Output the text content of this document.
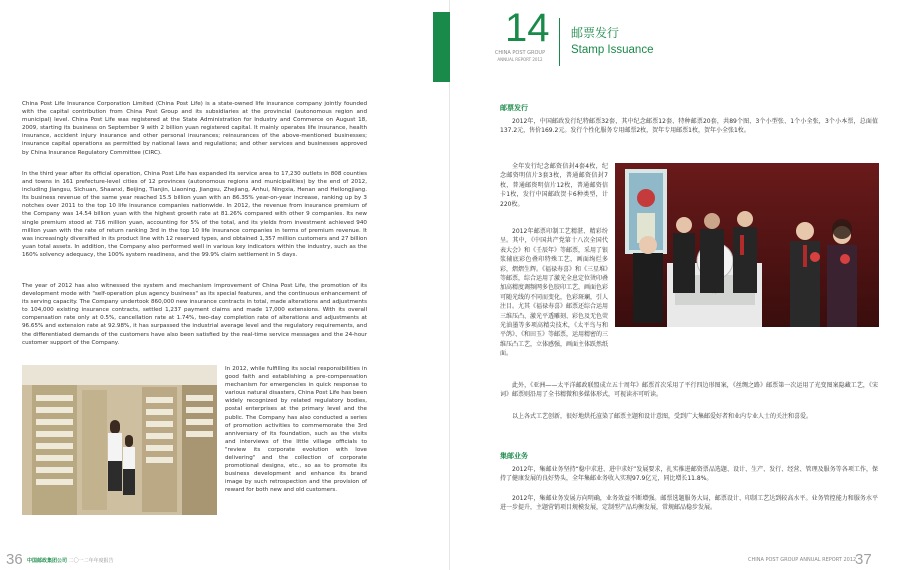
China Post Life Insurance Corporation Limited (China Post Life) is a state-owned life insurance company jointly founded with the capital contribution from China Post Group and its subsidiaries at the provincial (autonomous region and municipal) level. China Post Life was registered at the State Administration for Industry and Commerce on August 18, 2009, starting its business on September 9 with 2 billion yuan registered capital. It mainly operates life insurance, health insurance, accident injury insurance and other personal insurances; reinsurances of the above-mentioned businesses; insurance capital operations as permitted by national laws and regulations; and other services and businesses approved by China Insurance Regulatory Committee (CIRC).

In the third year after its official operation, China Post Life has expanded its service area to 17,230 outlets in 808 counties and towns in 161 prefecture-level cities of 12 provinces (autonomous regions and municipalities) by the end of 2012, including Jiangsu, Sichuan, Shaanxi, Beijing, Tianjin, Liaoning, Jiangsu, Zhejiang, Anhui, Ningxia, Henan and Heilongjiang. Its business revenue of the same year reached 15.5 billion yuan with an 86.35% year-on-year increase, ranking up by 3 notches over 2011 to the top 10 life insurance companies nationwide. In 2012, the revenue from insurance premium of the Company was 14.54 billion yuan with the highest growth rate at 81.26% compared with other 9 companies. Its new single premium stood at 716 million yuan, accounting for 5% of the total, and its yields from investment achieved 940 million yuan with the rate of return ranking 3rd in the top 10 life insurance companies in terms of premium revenue. It was increasingly diversified in its product line with 12 reserved types, and obtained 1,357 million customers and 27 billion yuan total assets. In addition, the Company also performed well in various key indicators within the industry, such as the 160% solvency adequacy, the 100% system readiness, and the 99.9% claim settlement in 5 days.

The year of 2012 has also witnessed the system and mechanism improvement of China Post Life, the promotion of its development mode with "self-operation plus agency business" as its special features, and the continuous enhancement of its serving capacity. The Company undertook 860,000 new insurance contracts in total, made alterations and adjustments to 104,000 existing insurance contracts, settled 1,237 payment claims and made 17,000 extensions. With its overall compensation rate only at 0.5%, cancellation rate at 1.74%, two-day completion rate of alterations and adjustments at 96.65% and extension rate at 92.98%, it has surpassed the industrial average level and the regulatory requirements, and the differentiated demands of the customers have also been satisfied by the real-time service messages and the 24-hour customer support of the Company.

In 2012, while fulfilling its social responsibilities in good faith and establishing a pre-compensation mechanism for emergencies in quick response to various natural disasters, China Post Life has been widely recognized by related regulatory bodies, postal enterprises at the primary level and the public. The Company has also conducted a series of promotion activities to commemorate the 3rd anniversary of its foundation, such as the visits and interviews of the little village officials to "review its corporate evolution with love delivering" and the collection of corporate promotional designs, etc., so as to promote its business development and enhance its brand image by such retrospection and the provision of reward for both new and old customers.

36 中国邮政集团公司 二〇一二年年度报告
14
CHINA POST GROUP
ANNUAL REPORT 2012
邮票发行
Stamp Issuance
邮票发行

2012年，中国邮政发行纪特邮票32套，其中纪念邮票12套、特种邮票20套，共89个图、3个小型张、1个小全张，3个小本票，总面值137.2元，售价169.2元。发行个性化服务专用邮票2枚，贺年专用邮票1枚，贺年小全张1枚。

全年发行纪念邮资信封4套4枚，纪念邮资明信片3套3枚，普通邮资信封7枚，普通邮资明信片12枚，普通邮资信卡1枚，发行中国邮政贺卡6种类型，计220枚。

2012年邮票印制工艺精湛、精彩纷呈。其中，《中国共产党第十八次全国代表大会》和《壬辰年》等邮票，采用了银浆辅底彩色叠印特殊工艺，画面绚烂多彩，熠熠生辉。《福禄寿喜》和《三星堆》等邮票，综合运用了激光全息定位烫印叠加高精度调频网多色胶印工艺，画面色彩可随光线的不同而变化，色彩斑斓，引人注目。尤其《福禄寿喜》邮票还综合运用三维压凸、激光平透雕刻、彩色及无色荧光油墨等多项高精尖技术，《太平鸟与和平鸽》、《和田玉》等邮票，运用精密的三维压凸工艺，立体感强，画面主体跃然纸面。

此外，《亚洲——太平洋邮政联盟成立五十周年》邮票首次采用了平行四边形图案，《丝绸之路》邮票第一次运用了光变图案隐藏工艺，《宋词》邮票则沿用了全书精微和多媒体形式，可视读亦可听读。

以上各式工艺创新，很好地烘托渲染了邮票主题和设计意图，受到广大集邮爱好者和业内专业人士的关注和喜爱。

集邮业务

2012年，集邮业务坚持“稳中求进、进中求好”发展要求，扎实推进邮资票品选题、设计、生产、发行、经营、管理及服务等各项工作，保持了健康发展的良好势头，全年集邮业务收入实现97.9亿元，同比增长11.8%。

2012年，集邮业务发展方向明确，业务效益不断增强。邮票选题服务大局，邮票设计、印制工艺达到较高水平。业务管控能力和服务水平进一步提升，主题营销项目规模发展，定制型产品均衡发展，常规邮品稳步发展。

CHINA POST GROUP ANNUAL REPORT 2012
37
